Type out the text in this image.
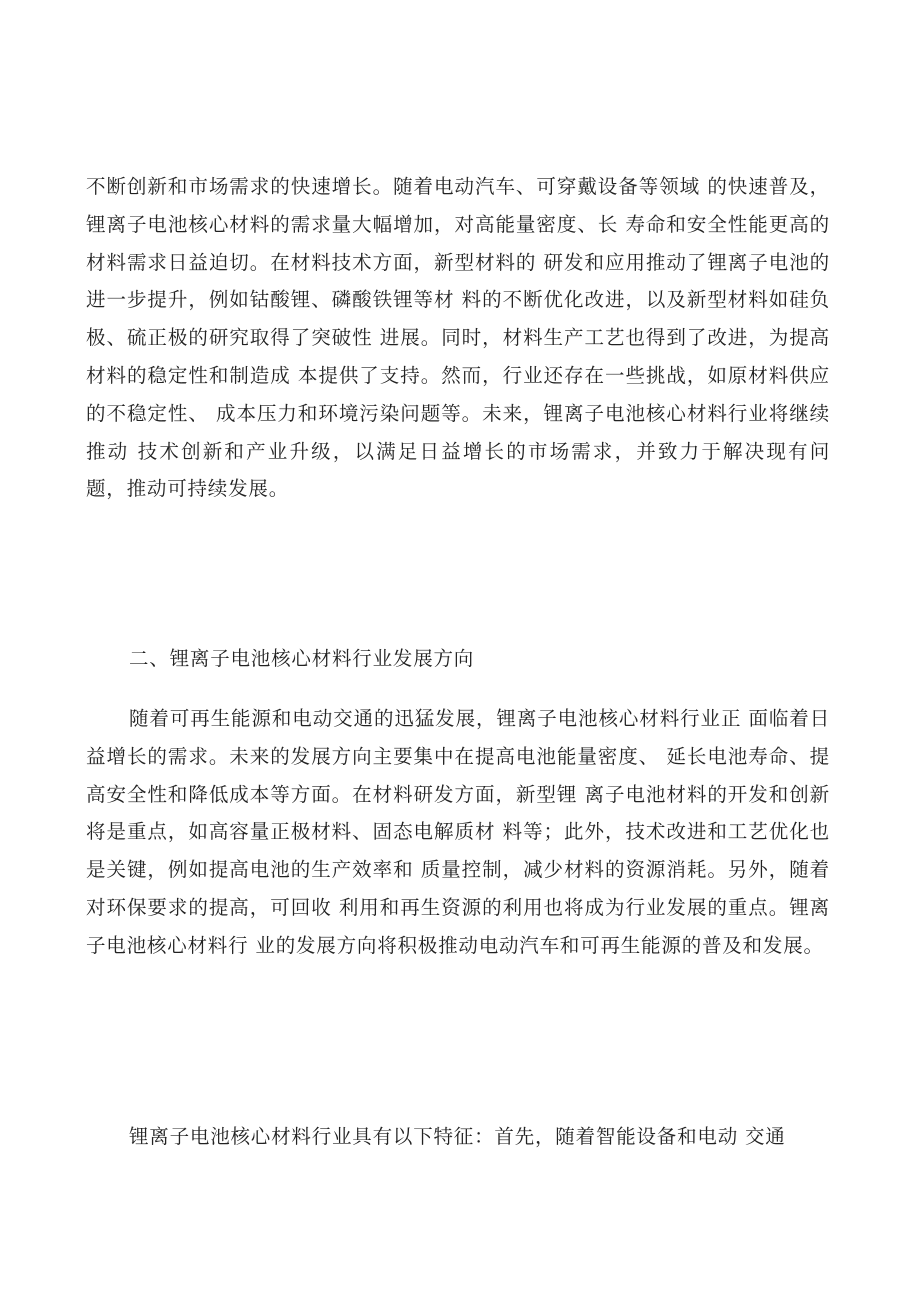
不断创新和市场需求的快速增长。随着电动汽车、可穿戴设备等领域 的快速普及，锂离子电池核心材料的需求量大幅增加，对高能量密度、长 寿命和安全性能更高的材料需求日益迫切。在材料技术方面，新型材料的 研发和应用推动了锂离子电池的进一步提升，例如钴酸锂、磷酸铁锂等材 料的不断优化改进，以及新型材料如硅负极、硫正极的研究取得了突破性 进展。同时，材料生产工艺也得到了改进，为提高材料的稳定性和制造成 本提供了支持。然而，行业还存在一些挑战，如原材料供应的不稳定性、 成本压力和环境污染问题等。未来，锂离子电池核心材料行业将继续推动 技术创新和产业升级，以满足日益增长的市场需求，并致力于解决现有问 题，推动可持续发展。

二、锂离子电池核心材料行业发展方向

随着可再生能源和电动交通的迅猛发展，锂离子电池核心材料行业正 面临着日益增长的需求。未来的发展方向主要集中在提高电池能量密度、 延长电池寿命、提高安全性和降低成本等方面。在材料研发方面，新型锂 离子电池材料的开发和创新将是重点，如高容量正极材料、固态电解质材 料等；此外，技术改进和工艺优化也是关键，例如提高电池的生产效率和 质量控制，减少材料的资源消耗。另外，随着对环保要求的提高，可回收 利用和再生资源的利用也将成为行业发展的重点。锂离子电池核心材料行 业的发展方向将积极推动电动汽车和可再生能源的普及和发展。

锂离子电池核心材料行业具有以下特征：首先，随着智能设备和电动 交通
